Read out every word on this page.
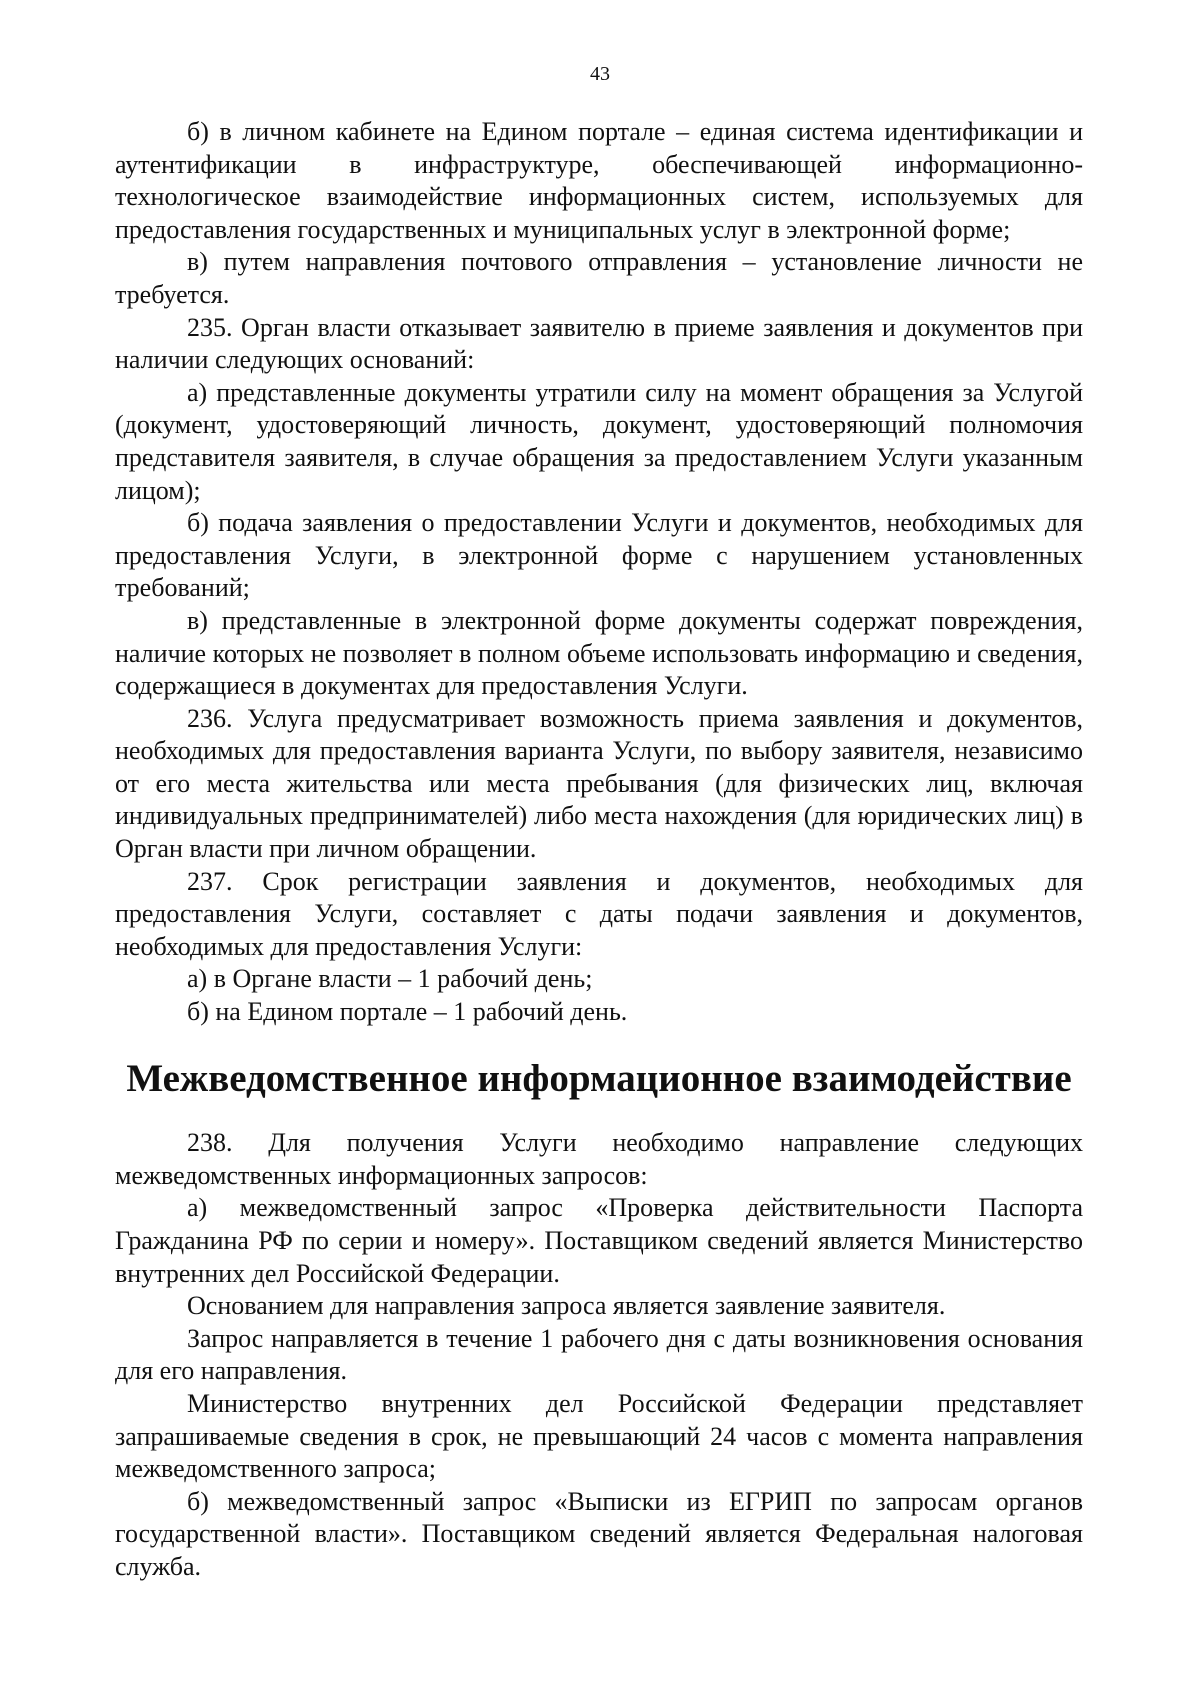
43

б) в личном кабинете на Едином портале – единая система идентификации и аутентификации в инфраструктуре, обеспечивающей информационно-технологическое взаимодействие информационных систем, используемых для предоставления государственных и муниципальных услуг в электронной форме;

в) путем направления почтового отправления – установление личности не требуется.

235. Орган власти отказывает заявителю в приеме заявления и документов при наличии следующих оснований:

а) представленные документы утратили силу на момент обращения за Услугой (документ, удостоверяющий личность, документ, удостоверяющий полномочия представителя заявителя, в случае обращения за предоставлением Услуги указанным лицом);

б) подача заявления о предоставлении Услуги и документов, необходимых для предоставления Услуги, в электронной форме с нарушением установленных требований;

в) представленные в электронной форме документы содержат повреждения, наличие которых не позволяет в полном объеме использовать информацию и сведения, содержащиеся в документах для предоставления Услуги.

236. Услуга предусматривает возможность приема заявления и документов, необходимых для предоставления варианта Услуги, по выбору заявителя, независимо от его места жительства или места пребывания (для физических лиц, включая индивидуальных предпринимателей) либо места нахождения (для юридических лиц) в Орган власти при личном обращении.

237. Срок регистрации заявления и документов, необходимых для предоставления Услуги, составляет с даты подачи заявления и документов, необходимых для предоставления Услуги:

а) в Органе власти – 1 рабочий день;

б) на Едином портале – 1 рабочий день.

Межведомственное информационное взаимодействие

238. Для получения Услуги необходимо направление следующих межведомственных информационных запросов:

а) межведомственный запрос «Проверка действительности Паспорта Гражданина РФ по серии и номеру». Поставщиком сведений является Министерство внутренних дел Российской Федерации.

Основанием для направления запроса является заявление заявителя.

Запрос направляется в течение 1 рабочего дня с даты возникновения основания для его направления.

Министерство внутренних дел Российской Федерации представляет запрашиваемые сведения в срок, не превышающий 24 часов с момента направления межведомственного запроса;

б) межведомственный запрос «Выписки из ЕГРИП по запросам органов государственной власти». Поставщиком сведений является Федеральная налоговая служба.
